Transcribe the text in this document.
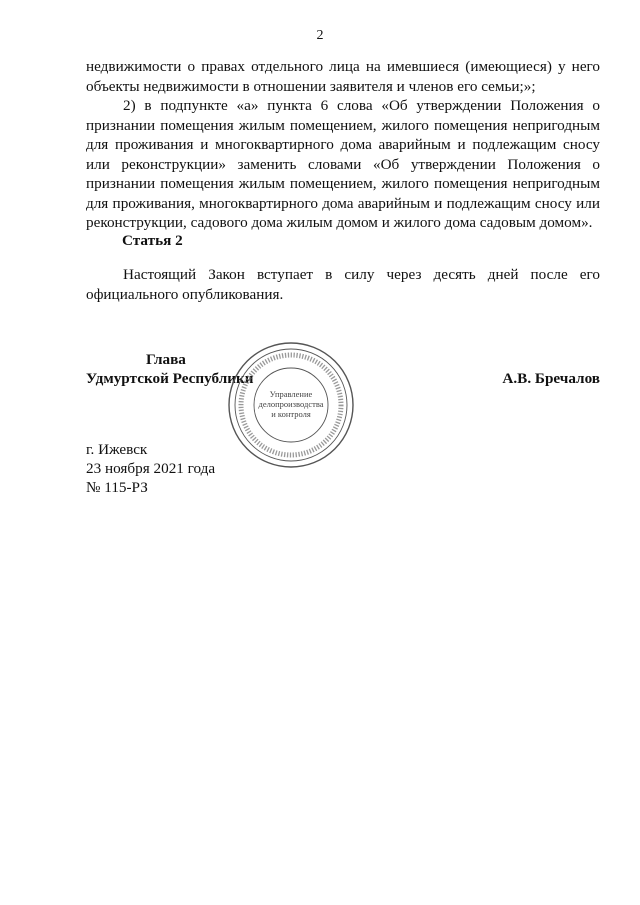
2

недвижимости о правах отдельного лица на имевшиеся (имеющиеся) у него объекты недвижимости в отношении заявителя и членов его семьи;»;

2) в подпункте «а» пункта 6 слова «Об утверждении Положения о признании помещения жилым помещением, жилого помещения непригодным для проживания и многоквартирного дома аварийным и подлежащим сносу или реконструкции» заменить словами «Об утверждении Положения о признании помещения жилым помещением, жилого помещения непригодным для проживания, многоквартирного дома аварийным и подлежащим сносу или реконструкции, садового дома жилым домом и жилого дома садовым домом».

Статья 2

Настоящий Закон вступает в силу через десять дней после его официального опубликования.

Глава
Удмуртской Республики	А.В. Бречалов
Управление
делопроизводства
и контроля
г. Ижевск
23 ноября 2021 года
№ 115-РЗ
